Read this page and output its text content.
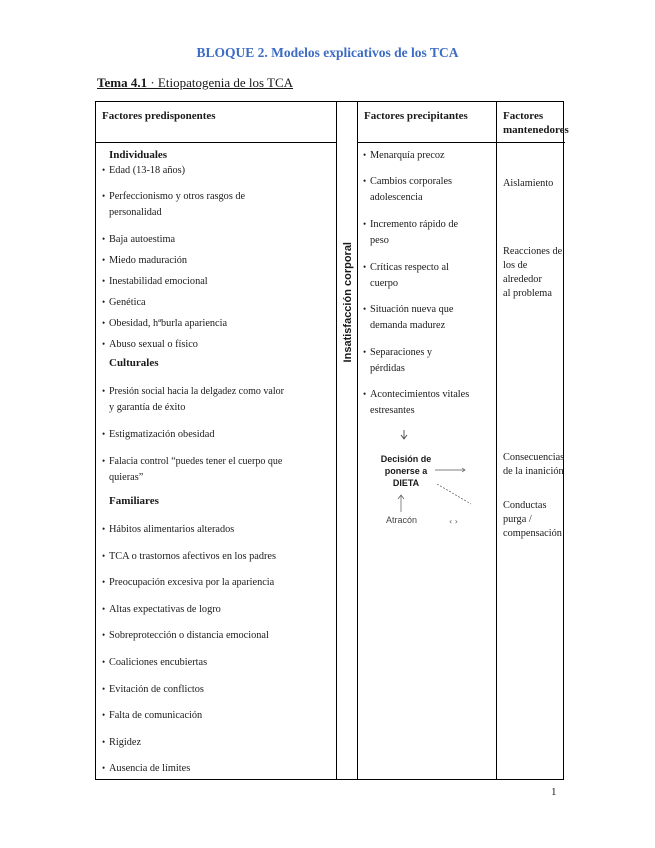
BLOQUE 2. Modelos explicativos de los TCA
Tema 4.1 · Etiopatogenia de los TCA
Factores predisponentes	Factores precipitantes	Factores
mantenedores
Individuales
• Edad (13-18 años)
• Perfeccionismo y otros rasgos de
personalidad
• Baja autoestima
• Miedo maduración
• Inestabilidad emocional
• Genética
• Obesidad, hªburla apariencia
• Abuso sexual o físico
Culturales
• Presión social hacia la delgadez como valor
y garantía de éxito
• Estigmatización obesidad
• Falacia control “puedes tener el cuerpo que
quieras”
Familiares
• Hábitos alimentarios alterados
• TCA o trastornos afectivos en los padres
• Preocupación excesiva por la apariencia
• Altas expectativas de logro
• Sobreprotección o distancia emocional
• Coaliciones encubiertas
• Evitación de conflictos
• Falta de comunicación
• Rigidez
• Ausencia de límites
Insatisfacción corporal
• Menarquía precoz
• Cambios corporales
adolescencia
• Incremento rápido de
peso
• Críticas respecto al
cuerpo
• Situación nueva que
demanda madurez
• Separaciones y
pérdidas
• Acontecimientos vitales
estresantes
‹ ›
Decisión de
ponerse a
DIETA
Atracón
Aislamiento
Reacciones de
los de alrededor
al problema
Consecuencias
de la inanición
Conductas
purga /
compensación
1
